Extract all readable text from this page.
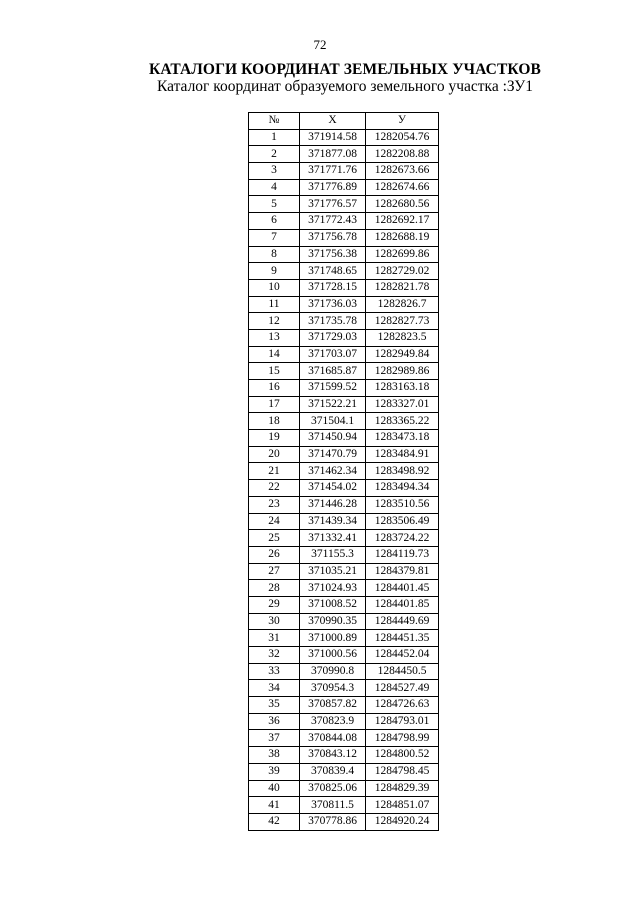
72
КАТАЛОГИ КООРДИНАТ ЗЕМЕЛЬНЫХ УЧАСТКОВ
Каталог координат образуемого земельного участка :ЗУ1
№	X	У
1	371914.58	1282054.76
2	371877.08	1282208.88
3	371771.76	1282673.66
4	371776.89	1282674.66
5	371776.57	1282680.56
6	371772.43	1282692.17
7	371756.78	1282688.19
8	371756.38	1282699.86
9	371748.65	1282729.02
10	371728.15	1282821.78
11	371736.03	1282826.7
12	371735.78	1282827.73
13	371729.03	1282823.5
14	371703.07	1282949.84
15	371685.87	1282989.86
16	371599.52	1283163.18
17	371522.21	1283327.01
18	371504.1	1283365.22
19	371450.94	1283473.18
20	371470.79	1283484.91
21	371462.34	1283498.92
22	371454.02	1283494.34
23	371446.28	1283510.56
24	371439.34	1283506.49
25	371332.41	1283724.22
26	371155.3	1284119.73
27	371035.21	1284379.81
28	371024.93	1284401.45
29	371008.52	1284401.85
30	370990.35	1284449.69
31	371000.89	1284451.35
32	371000.56	1284452.04
33	370990.8	1284450.5
34	370954.3	1284527.49
35	370857.82	1284726.63
36	370823.9	1284793.01
37	370844.08	1284798.99
38	370843.12	1284800.52
39	370839.4	1284798.45
40	370825.06	1284829.39
41	370811.5	1284851.07
42	370778.86	1284920.24
